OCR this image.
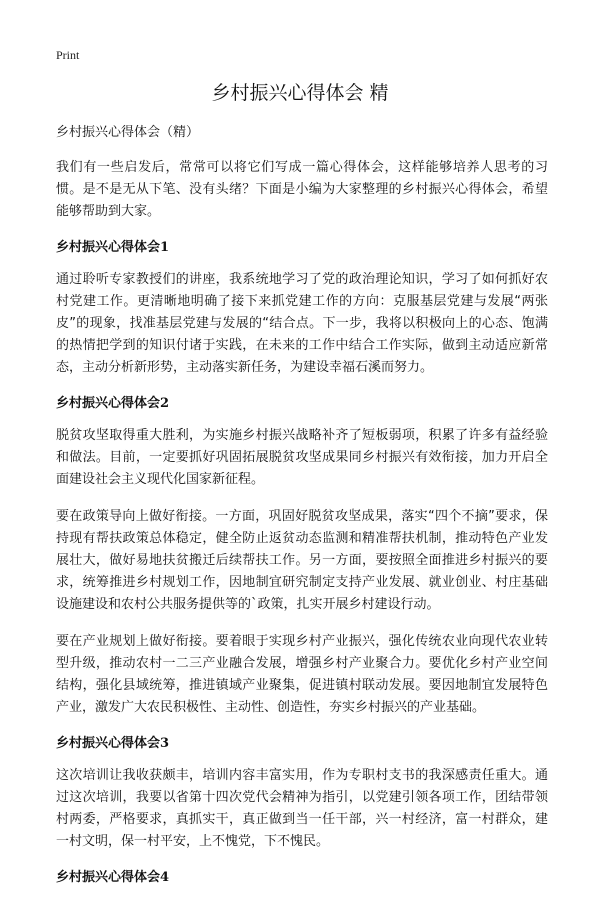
Print
乡村振兴心得体会 精

乡村振兴心得体会（精）

我们有一些启发后，常常可以将它们写成一篇心得体会，这样能够培养人思考的习惯。是不是无从下笔、没有头绪？下面是小编为大家整理的乡村振兴心得体会，希望能够帮助到大家。

乡村振兴心得体会1

通过聆听专家教授们的讲座，我系统地学习了党的政治理论知识，学习了如何抓好农村党建工作。更清晰地明确了接下来抓党建工作的方向：克服基层党建与发展“两张皮”的现象，找准基层党建与发展的“结合点。下一步，我将以积极向上的心态、饱满的热情把学到的知识付诸于实践，在未来的工作中结合工作实际，做到主动适应新常态，主动分析新形势，主动落实新任务，为建设幸福石溪而努力。

乡村振兴心得体会2

脱贫攻坚取得重大胜利，为实施乡村振兴战略补齐了短板弱项，积累了许多有益经验和做法。目前，一定要抓好巩固拓展脱贫攻坚成果同乡村振兴有效衔接，加力开启全面建设社会主义现代化国家新征程。

要在政策导向上做好衔接。一方面，巩固好脱贫攻坚成果，落实“四个不摘”要求，保持现有帮扶政策总体稳定，健全防止返贫动态监测和精准帮扶机制，推动特色产业发展壮大，做好易地扶贫搬迁后续帮扶工作。另一方面，要按照全面推进乡村振兴的要求，统筹推进乡村规划工作，因地制宜研究制定支持产业发展、就业创业、村庄基础设施建设和农村公共服务提供等的`政策，扎实开展乡村建设行动。

要在产业规划上做好衔接。要着眼于实现乡村产业振兴，强化传统农业向现代农业转型升级，推动农村一二三产业融合发展，增强乡村产业聚合力。要优化乡村产业空间结构，强化县域统筹，推进镇域产业聚集，促进镇村联动发展。要因地制宜发展特色产业，激发广大农民积极性、主动性、创造性，夯实乡村振兴的产业基础。

乡村振兴心得体会3

这次培训让我收获颇丰，培训内容丰富实用，作为专职村支书的我深感责任重大。通过这次培训，我要以省第十四次党代会精神为指引，以党建引领各项工作，团结带领村两委，严格要求，真抓实干，真正做到当一任干部，兴一村经济，富一村群众，建一村文明，保一村平安，上不愧党，下不愧民。

乡村振兴心得体会4
